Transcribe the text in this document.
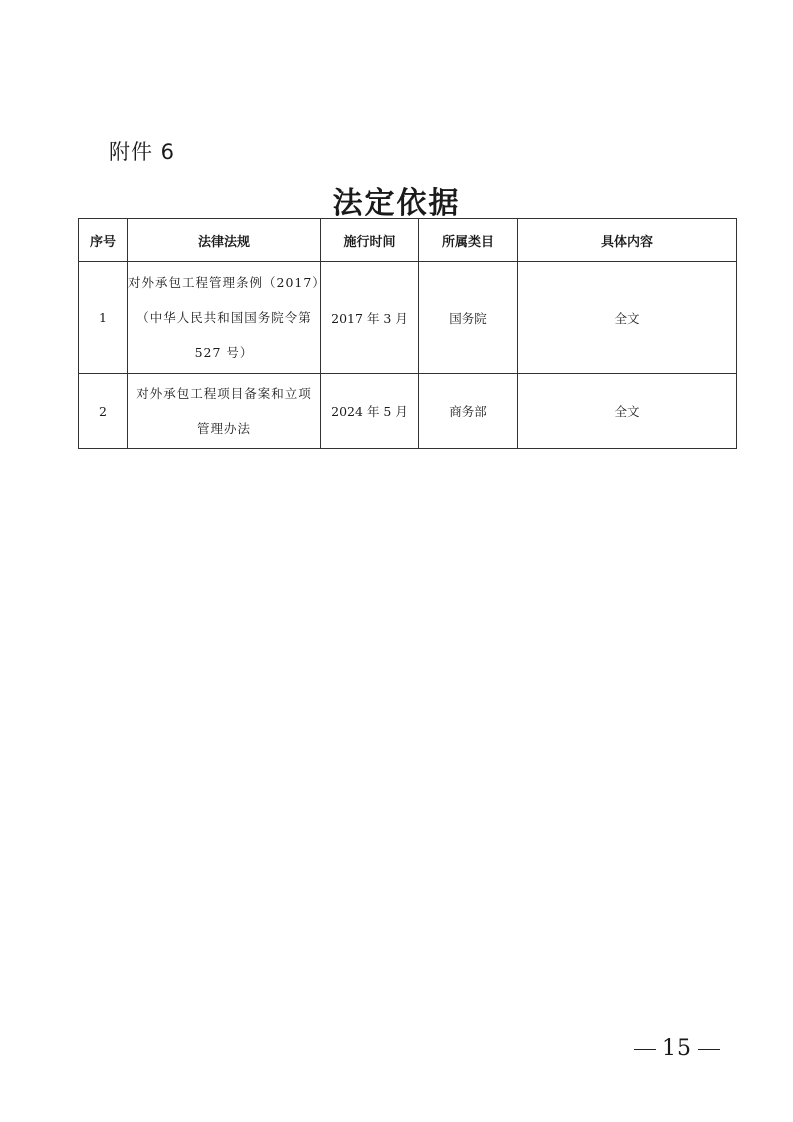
附件 6
法定依据
序号	法律法规	施行时间	所属类目	具体内容
1	对外承包工程管理条例（2017）
（中华人民共和国国务院令第
527 号）	2017 年 3 月	国务院	全文
2	对外承包工程项目备案和立项
管理办法	2024 年 5 月	商务部	全文
15
